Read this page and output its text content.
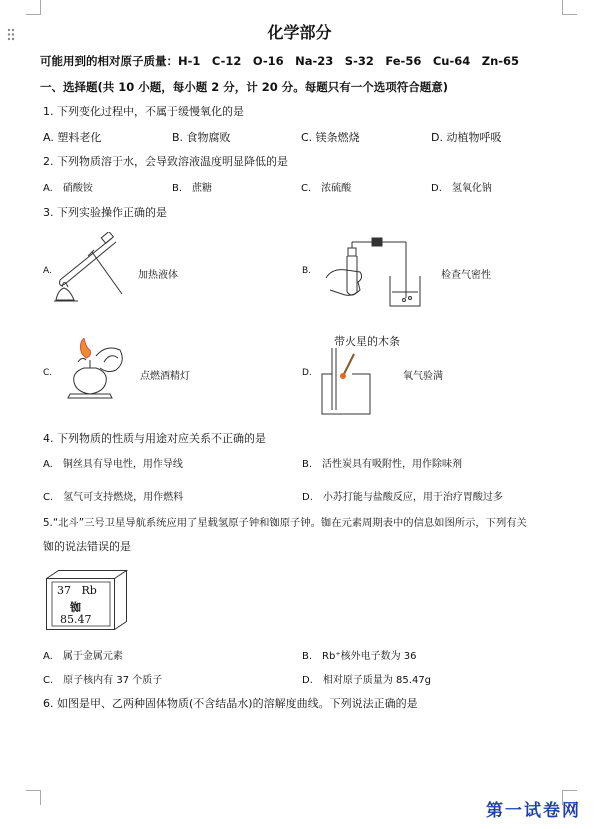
化学部分
可能用到的相对原子质量：H-1　C-12　O-16　Na-23　S-32　Fe-56　Cu-64　Zn-65
一、选择题(共 10 小题，每小题 2 分，计 20 分。每题只有一个选项符合题意)
1. 下列变化过程中，不属于缓慢氧化的是
A. 塑料老化	B. 食物腐败	C. 镁条燃烧	D. 动植物呼吸
2. 下列物质溶于水，会导致溶液温度明显降低的是
A.　硝酸铵	B.　蔗糖	C.　浓硫酸	D.　氢氧化钠
3. 下列实验操作正确的是
A.	加热液体	B.	检查气密性
带火星的木条
C.	点燃酒精灯	D.	氧气验满
4. 下列物质的性质与用途对应关系不正确的是
A.　铜丝具有导电性，用作导线	B.　活性炭具有吸附性，用作除味剂
C.　氢气可支持燃烧，用作燃料	D.　小苏打能与盐酸反应，用于治疗胃酸过多
5.“北斗”三号卫星导航系统应用了星载氢原子钟和铷原子钟。铷在元素周期表中的信息如图所示，下列有关
铷的说法错误的是
37 Rb
铷
85.47
A.　属于金属元素	B.　Rb⁺核外电子数为 36
C.　原子核内有 37 个质子	D.　相对原子质量为 85.47g
6. 如图是甲、乙两种固体物质(不含结晶水)的溶解度曲线。下列说法正确的是
第一试卷网
